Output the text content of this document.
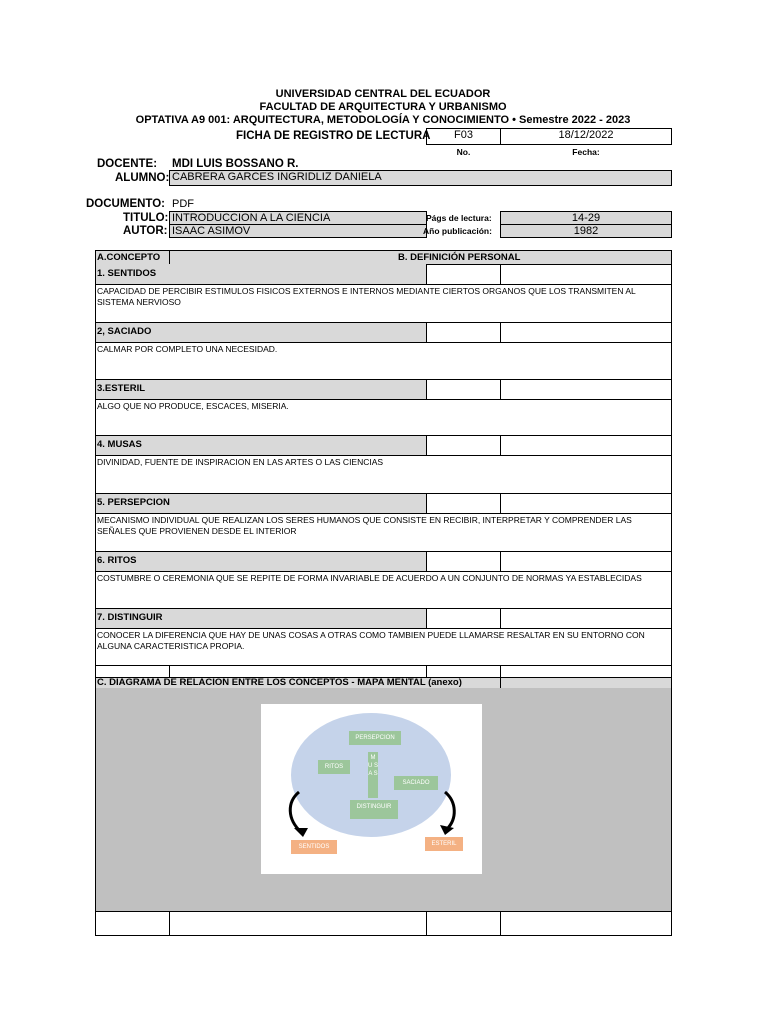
UNIVERSIDAD CENTRAL DEL ECUADOR
FACULTAD DE ARQUITECTURA Y URBANISMO
OPTATIVA A9 001: ARQUITECTURA, METODOLOGÍA Y CONOCIMIENTO • Semestre 2022 - 2023
FICHA DE REGISTRO DE LECTURA	F03	18/12/2022
No.	Fecha:
DOCENTE: MDI LUIS BOSSANO R.
ALUMNO: CABRERA GARCES INGRIDLIZ DANIELA
DOCUMENTO: PDF
TITULO: INTRODUCCION A LA CIENCIA	Págs de lectura:	14-29
AUTOR: ISAAC ASIMOV	Año publicación:	1982
A.CONCEPTO	B. DEFINICIÓN PERSONAL
1. SENTIDOS
CAPACIDAD DE PERCIBIR ESTIMULOS FISICOS EXTERNOS E INTERNOS MEDIANTE CIERTOS ORGANOS QUE LOS TRANSMITEN AL SISTEMA NERVIOSO
2, SACIADO
CALMAR POR COMPLETO UNA NECESIDAD.
3.ESTERIL
ALGO QUE NO PRODUCE, ESCACES, MISERIA.
4. MUSAS
DIVINIDAD, FUENTE DE INSPIRACION EN LAS ARTES O LAS CIENCIAS
5. PERSEPCION
MECANISMO INDIVIDUAL QUE REALIZAN LOS SERES HUMANOS QUE CONSISTE EN RECIBIR, INTERPRETAR Y COMPRENDER LAS SEÑALES QUE PROVIENEN DESDE EL INTERIOR
6. RITOS
COSTUMBRE O CEREMONIA QUE SE REPITE DE FORMA INVARIABLE DE ACUERDO A UN CONJUNTO DE NORMAS YA ESTABLECIDAS
7. DISTINGUIR
CONOCER LA DIFERENCIA QUE HAY DE UNAS COSAS A OTRAS COMO TAMBIEN PUEDE LLAMARSE RESALTAR EN SU ENTORNO CON ALGUNA CARACTERISTICA PROPIA.
C. DIAGRAMA DE RELACION ENTRE LOS CONCEPTOS - MAPA MENTAL (anexo)
PERSEPCION
RITOS
M U S A S
SACIADO
DISTINGUIR
SENTIDOS	ESTERIL
